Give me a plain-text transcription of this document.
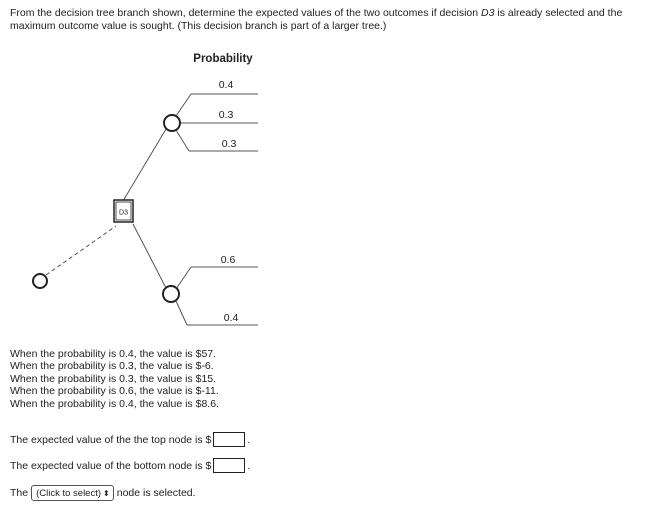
From the decision tree branch shown, determine the expected values of the two outcomes if decision D3 is already selected and the maximum outcome value is sought. (This decision branch is part of a larger tree.)
D3
Probability
0.4
0.3
0.3
0.6
0.4
When the probability is 0.4, the value is $57.
When the probability is 0.3, the value is $-6.
When the probability is 0.3, the value is $15.
When the probability is 0.6, the value is $-11.
When the probability is 0.4, the value is $8.6.
The expected value of the the top node is $	.
The expected value of the bottom node is $	.
The (Click to select) ⬍ node is selected.
